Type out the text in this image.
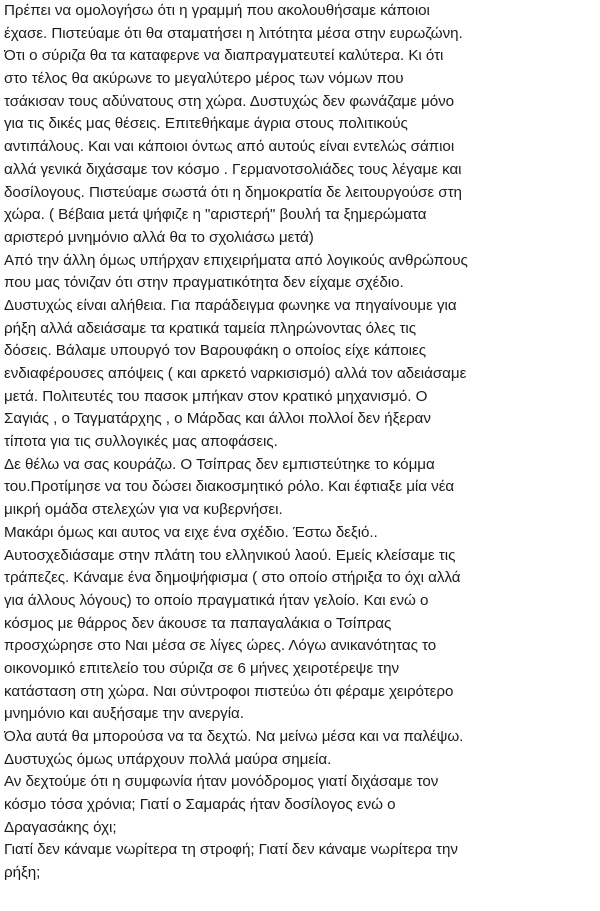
Πρέπει να ομολογήσω ότι η γραμμή που ακολουθήσαμε κάποιοι
έχασε. Πιστεύαμε ότι θα σταματήσει η λιτότητα μέσα στην ευρωζώνη.
Ότι ο σύριζα θα τα καταφερνε να διαπραγματευτεί καλύτερα. Κι ότι
στο τέλος θα ακύρωνε το μεγαλύτερο μέρος των νόμων που
τσάκισαν τους αδύνατους στη χώρα. Δυστυχώς δεν φωνάζαμε μόνο
για τις δικές μας θέσεις. Επιτεθήκαμε άγρια στους πολιτικούς
αντιπάλους. Και ναι κάποιοι όντως από αυτούς είναι εντελώς σάπιοι
αλλά γενικά διχάσαμε τον κόσμο . Γερμανοτσολιάδες τους λέγαμε και
δοσίλογους. Πιστεύαμε σωστά ότι η δημοκρατία δε λειτουργούσε στη
χώρα. ( Βέβαια μετά ψήφιζε η "αριστερή" βουλή τα ξημερώματα
αριστερό μνημόνιο αλλά θα το σχολιάσω μετά)
Από την άλλη όμως υπήρχαν επιχειρήματα από λογικούς ανθρώπους
που μας τόνιζαν ότι στην πραγματικότητα δεν είχαμε σχέδιο.
Δυστυχώς είναι αλήθεια. Για παράδειγμα φωνηκε να πηγαίνουμε για
ρήξη αλλά αδειάσαμε τα κρατικά ταμεία πληρώνοντας όλες τις
δόσεις. Βάλαμε υπουργό τον Βαρουφάκη ο οποίος είχε κάποιες
ενδιαφέρουσες απόψεις ( και αρκετό ναρκισισμό) αλλά τον αδειάσαμε
μετά. Πολιτευτές του πασοκ μπήκαν στον κρατικό μηχανισμό. Ο
Σαγιάς , ο Ταγματάρχης , ο Μάρδας και άλλοι πολλοί δεν ήξεραν
τίποτα για τις συλλογικές μας αποφάσεις.
Δε θέλω να σας κουράζω. Ο Τσίπρας δεν εμπιστεύτηκε το κόμμα
του.Προτίμησε να του δώσει διακοσμητικό ρόλο. Και έφτιαξε μία νέα
μικρή ομάδα στελεχών για να κυβερνήσει.
Μακάρι όμως και αυτος να ειχε ένα σχέδιο. Έστω δεξιό..
Αυτοσχεδιάσαμε στην πλάτη του ελληνικού λαού. Εμείς κλείσαμε τις
τράπεζες. Κάναμε ένα δημοψήφισμα ( στο οποίο στήριξα το όχι αλλά
για άλλους λόγους) το οποίο πραγματικά ήταν γελοίο. Και ενώ ο
κόσμος με θάρρος δεν άκουσε τα παπαγαλάκια ο Τσίπρας
προσχώρησε στο Ναι μέσα σε λίγες ώρες. Λόγω ανικανότητας το
οικονομικό επιτελείο του σύριζα σε 6 μήνες χειροτέρεψε την
κατάσταση στη χώρα. Ναι σύντροφοι πιστεύω ότι φέραμε χειρότερο
μνημόνιο και αυξήσαμε την ανεργία.
Όλα αυτά θα μπορούσα να τα δεχτώ. Να μείνω μέσα και να παλέψω.
Δυστυχώς όμως υπάρχουν πολλά μαύρα σημεία.
Αν δεχτούμε ότι η συμφωνία ήταν μονόδρομος γιατί διχάσαμε τον
κόσμο τόσα χρόνια; Γιατί ο Σαμαράς ήταν δοσίλογος ενώ ο
Δραγασάκης όχι;
Γιατί δεν κάναμε νωρίτερα τη στροφή; Γιατί δεν κάναμε νωρίτερα την
ρήξη;
